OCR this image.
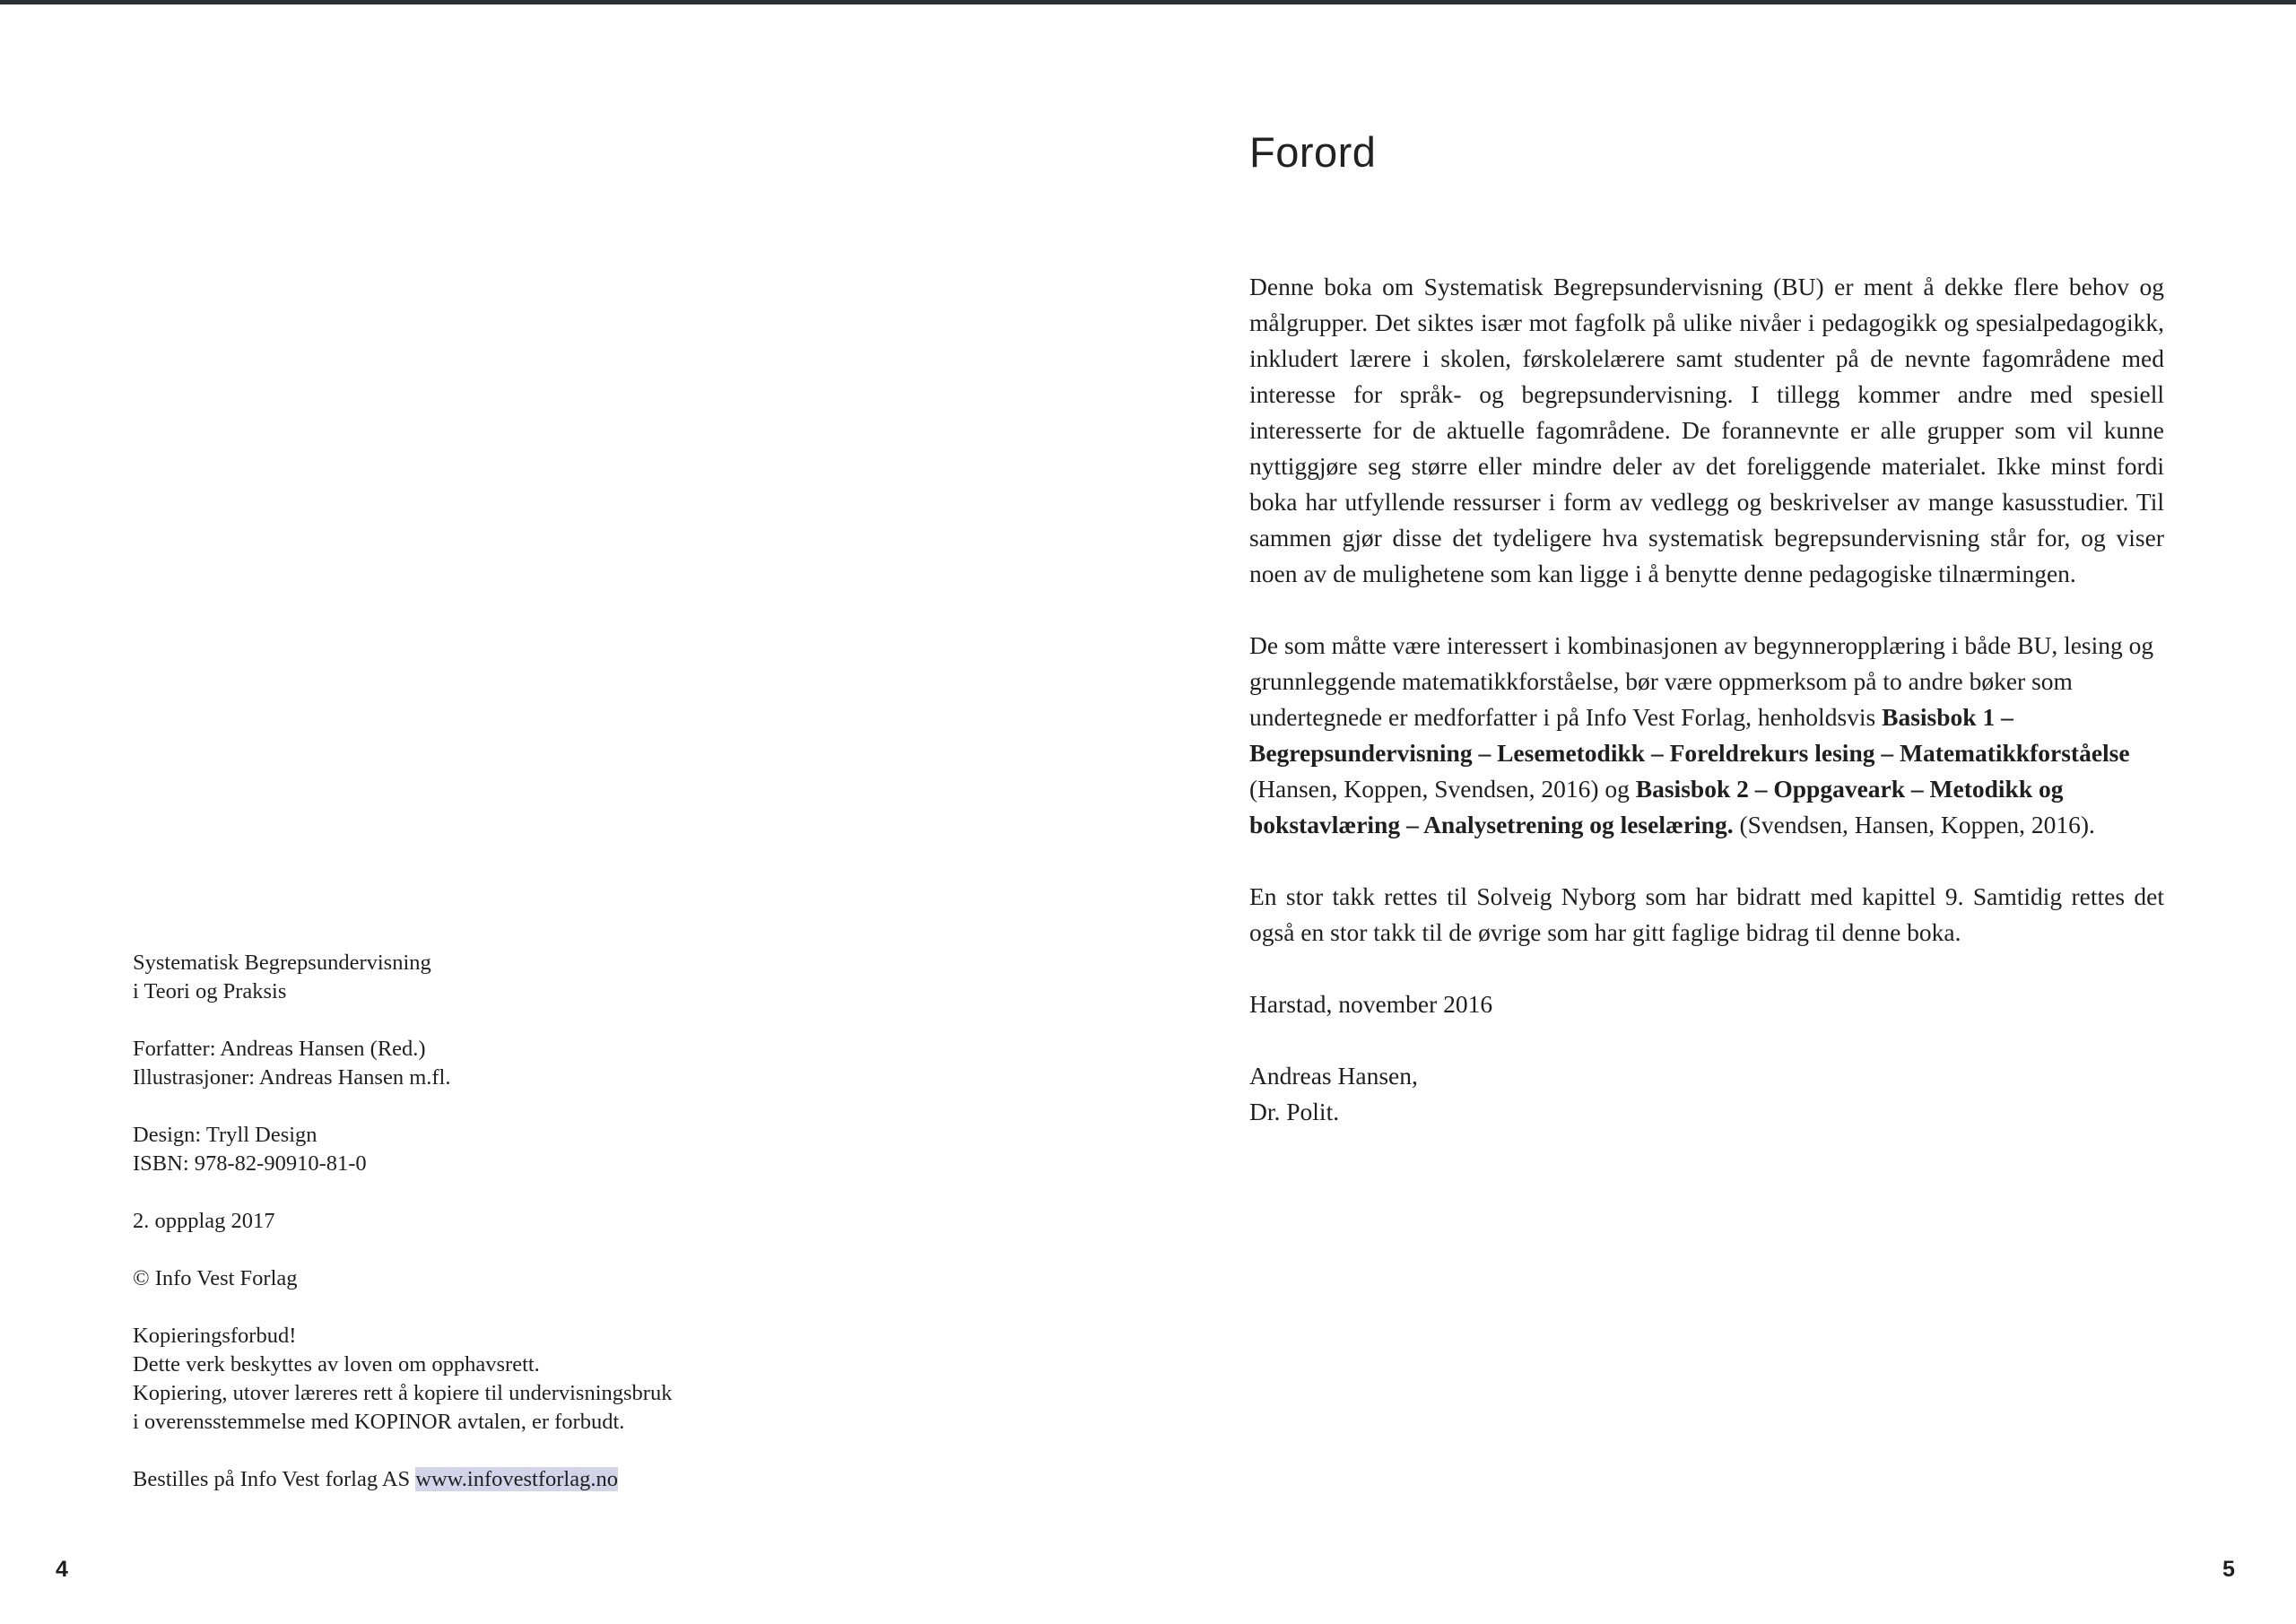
Systematisk Begrepsundervisning
i Teori og Praksis
Forfatter: Andreas Hansen (Red.)
Illustrasjoner: Andreas Hansen m.fl.
Design: Tryll Design
ISBN: 978-82-90910-81-0
2. oppplag 2017
© Info Vest Forlag
Kopieringsforbud!
Dette verk beskyttes av loven om opphavsrett.
Kopiering, utover læreres rett å kopiere til undervisningsbruk
i overensstemmelse med KOPINOR avtalen, er forbudt.
Bestilles på Info Vest forlag AS www.infovestforlag.no
Forord

Denne boka om Systematisk Begrepsundervisning (BU) er ment å dekke flere behov og målgrupper. Det siktes især mot fagfolk på ulike nivåer i pedagogikk og spesialpedagogikk, inkludert lærere i skolen, førskolelærere samt studenter på de nevnte fagområdene med interesse for språk- og begrepsundervisning. I tillegg kommer andre med spesiell interesserte for de aktuelle fagområdene. De forannevnte er alle grupper som vil kunne nyttiggjøre seg større eller mindre deler av det foreliggende materialet. Ikke minst fordi boka har utfyllende ressurser i form av vedlegg og beskrivelser av mange kasusstudier. Til sammen gjør disse det tydeligere hva systematisk begrepsundervisning står for, og viser noen av de mulighetene som kan ligge i å benytte denne pedagogiske tilnærmingen.

De som måtte være interessert i kombinasjonen av begynneropplæring i både BU, lesing og grunnleggende matematikkforståelse, bør være oppmerksom på to andre bøker som undertegnede er medforfatter i på Info Vest Forlag, henholdsvis Basisbok 1 – Begrepsundervisning – Lesemetodikk – Foreldrekurs lesing – Matematikkforståelse (Hansen, Koppen, Svendsen, 2016) og Basisbok 2 – Oppgaveark – Metodikk og bokstavlæring – Analysetrening og leselæring. (Svendsen, Hansen, Koppen, 2016).

En stor takk rettes til Solveig Nyborg som har bidratt med kapittel 9. Samtidig rettes det også en stor takk til de øvrige som har gitt faglige bidrag til denne boka.

Harstad, november 2016

Andreas Hansen,

Dr. Polit.

4	5
